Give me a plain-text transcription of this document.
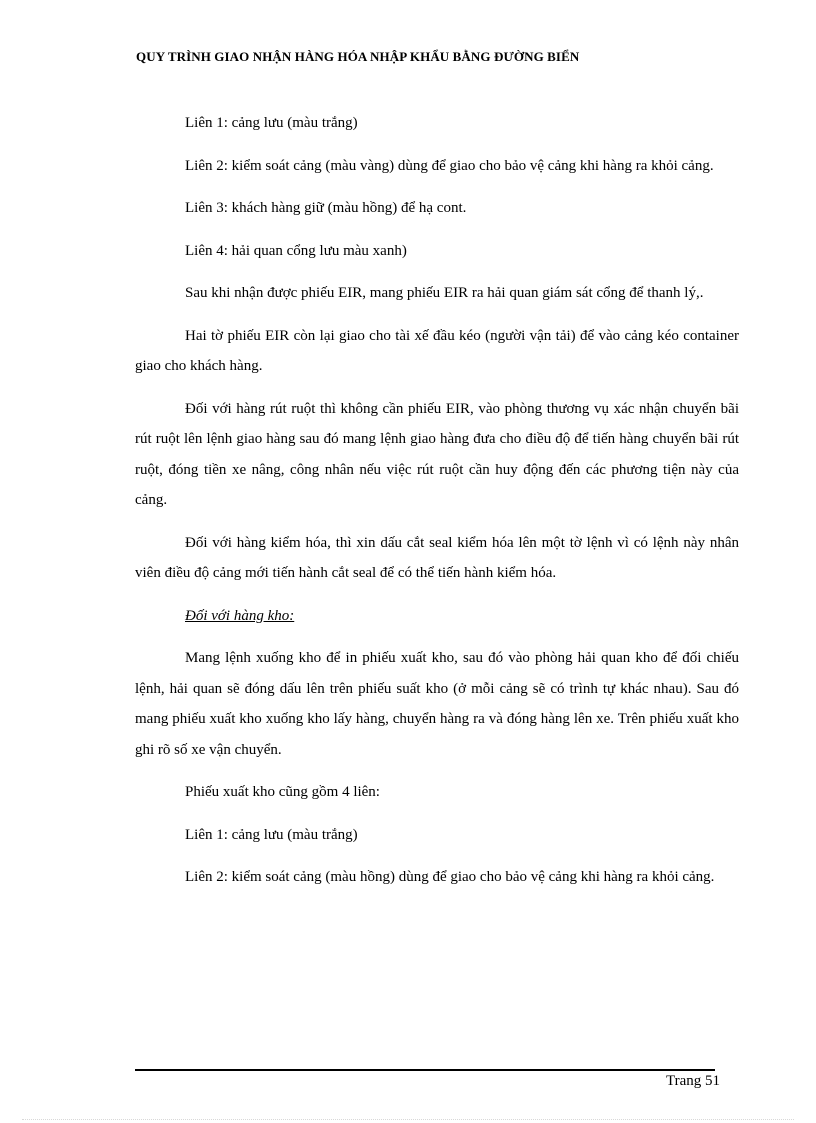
QUY TRÌNH GIAO NHẬN HÀNG HÓA NHẬP KHẨU BẰNG ĐƯỜNG BIỂN

Liên 1: cảng lưu (màu trắng)

Liên 2: kiểm soát cảng (màu vàng) dùng để giao cho bảo vệ cảng khi hàng ra khỏi cảng.

Liên 3: khách hàng giữ (màu hồng) để hạ cont.

Liên 4: hải quan cổng lưu màu xanh)

Sau khi nhận được phiếu EIR, mang phiếu EIR ra hải quan giám sát cổng để thanh lý,.

Hai tờ phiếu EIR còn lại giao cho tài xế đầu kéo (người vận tải) để vào cảng kéo container giao cho khách hàng.

Đối với hàng rút ruột thì không cần phiếu EIR, vào phòng thương vụ xác nhận chuyển bãi rút ruột lên lệnh giao hàng sau đó mang lệnh giao hàng đưa cho điều độ để tiến hàng chuyển bãi rút ruột, đóng tiền xe nâng, công nhân nếu việc rút ruột cần huy động đến các phương tiện này của cảng.

Đối với hàng kiểm hóa, thì xin dấu cắt seal kiểm hóa lên một tờ lệnh vì có lệnh này nhân viên điều độ cảng mới tiến hành cắt seal để có thể tiến hành kiểm hóa.

Đối với hàng kho:

Mang lệnh xuống kho để in phiếu xuất kho, sau đó vào phòng hải quan kho để đối chiếu lệnh, hải quan sẽ đóng dấu lên trên phiếu suất kho (ở mỗi cảng sẽ có trình tự khác nhau). Sau đó mang phiếu xuất kho xuống kho lấy hàng, chuyển hàng ra và đóng hàng lên xe. Trên phiếu xuất kho ghi rõ số xe vận chuyển.

Phiếu xuất kho cũng gồm 4 liên:

Liên 1: cảng lưu (màu trắng)

Liên 2: kiểm soát cảng (màu hồng) dùng để giao cho bảo vệ cảng khi hàng ra khỏi cảng.

Trang 51
